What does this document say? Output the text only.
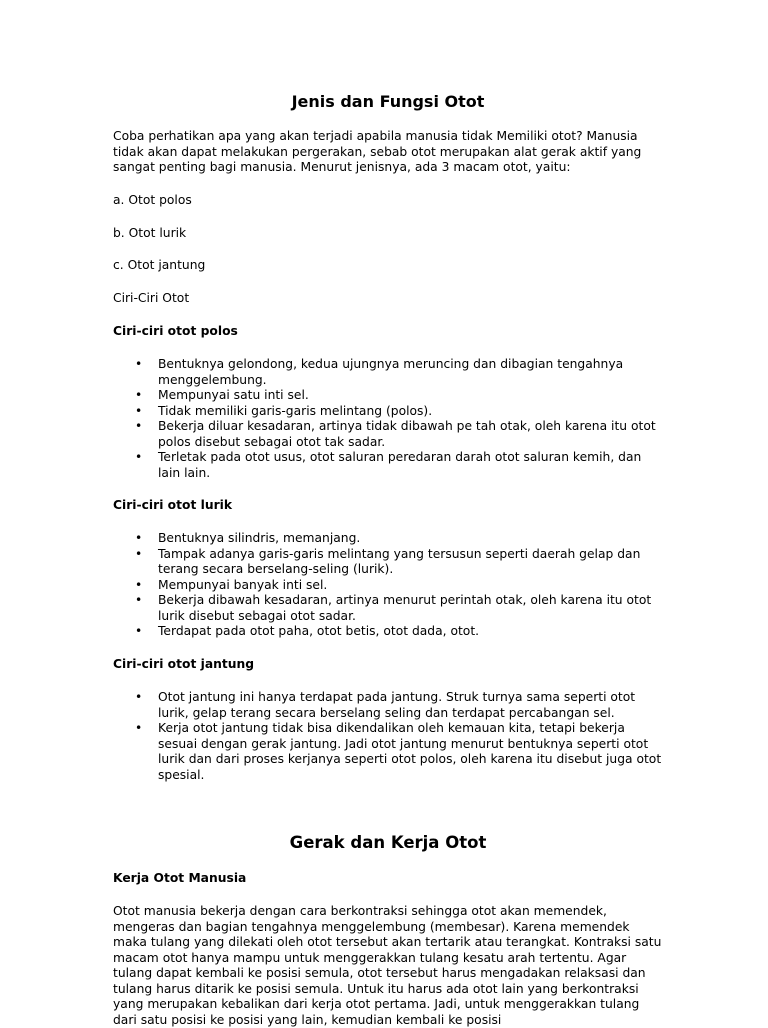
Jenis dan Fungsi Otot

Coba perhatikan apa yang akan terjadi apabila manusia tidak Memiliki otot? Manusia tidak akan dapat melakukan pergerakan, sebab otot merupakan alat gerak aktif yang sangat penting bagi manusia. Menurut jenisnya, ada 3 macam otot, yaitu:

a. Otot polos

b. Otot lurik

c. Otot jantung

Ciri-Ciri Otot

Ciri-ciri otot polos

• Bentuknya gelondong, kedua ujungnya meruncing dan dibagian tengahnya menggelembung.
• Mempunyai satu inti sel.
• Tidak memiliki garis-garis melintang (polos).
• Bekerja diluar kesadaran, artinya tidak dibawah pe tah otak, oleh karena itu otot polos disebut sebagai otot tak sadar.
• Terletak pada otot usus, otot saluran peredaran darah otot saluran kemih, dan lain lain.

Ciri-ciri otot lurik

• Bentuknya silindris, memanjang.
• Tampak adanya garis-garis melintang yang tersusun seperti daerah gelap dan terang secara berselang-seling (lurik).
• Mempunyai banyak inti sel.
• Bekerja dibawah kesadaran, artinya menurut perintah otak, oleh karena itu otot lurik disebut sebagai otot sadar.
• Terdapat pada otot paha, otot betis, otot dada, otot.

Ciri-ciri otot jantung

• Otot jantung ini hanya terdapat pada jantung. Struk turnya sama seperti otot lurik, gelap terang secara berselang seling dan terdapat percabangan sel.
• Kerja otot jantung tidak bisa dikendalikan oleh kemauan kita, tetapi bekerja sesuai dengan gerak jantung. Jadi otot jantung menurut bentuknya seperti otot lurik dan dari proses kerjanya seperti otot polos, oleh karena itu disebut juga otot spesial.
Gerak dan Kerja Otot

Kerja Otot Manusia

Otot manusia bekerja dengan cara berkontraksi sehingga otot akan memendek, mengeras dan bagian tengahnya menggelembung (membesar). Karena memendek maka tulang yang dilekati oleh otot tersebut akan tertarik atau terangkat. Kontraksi satu macam otot hanya mampu untuk menggerakkan tulang kesatu arah tertentu. Agar tulang dapat kembali ke posisi semula, otot tersebut harus mengadakan relaksasi dan tulang harus ditarik ke posisi semula. Untuk itu harus ada otot lain yang berkontraksi yang merupakan kebalikan dari kerja otot pertama. Jadi, untuk menggerakkan tulang dari satu posisi ke posisi yang lain, kemudian kembali ke posisi
